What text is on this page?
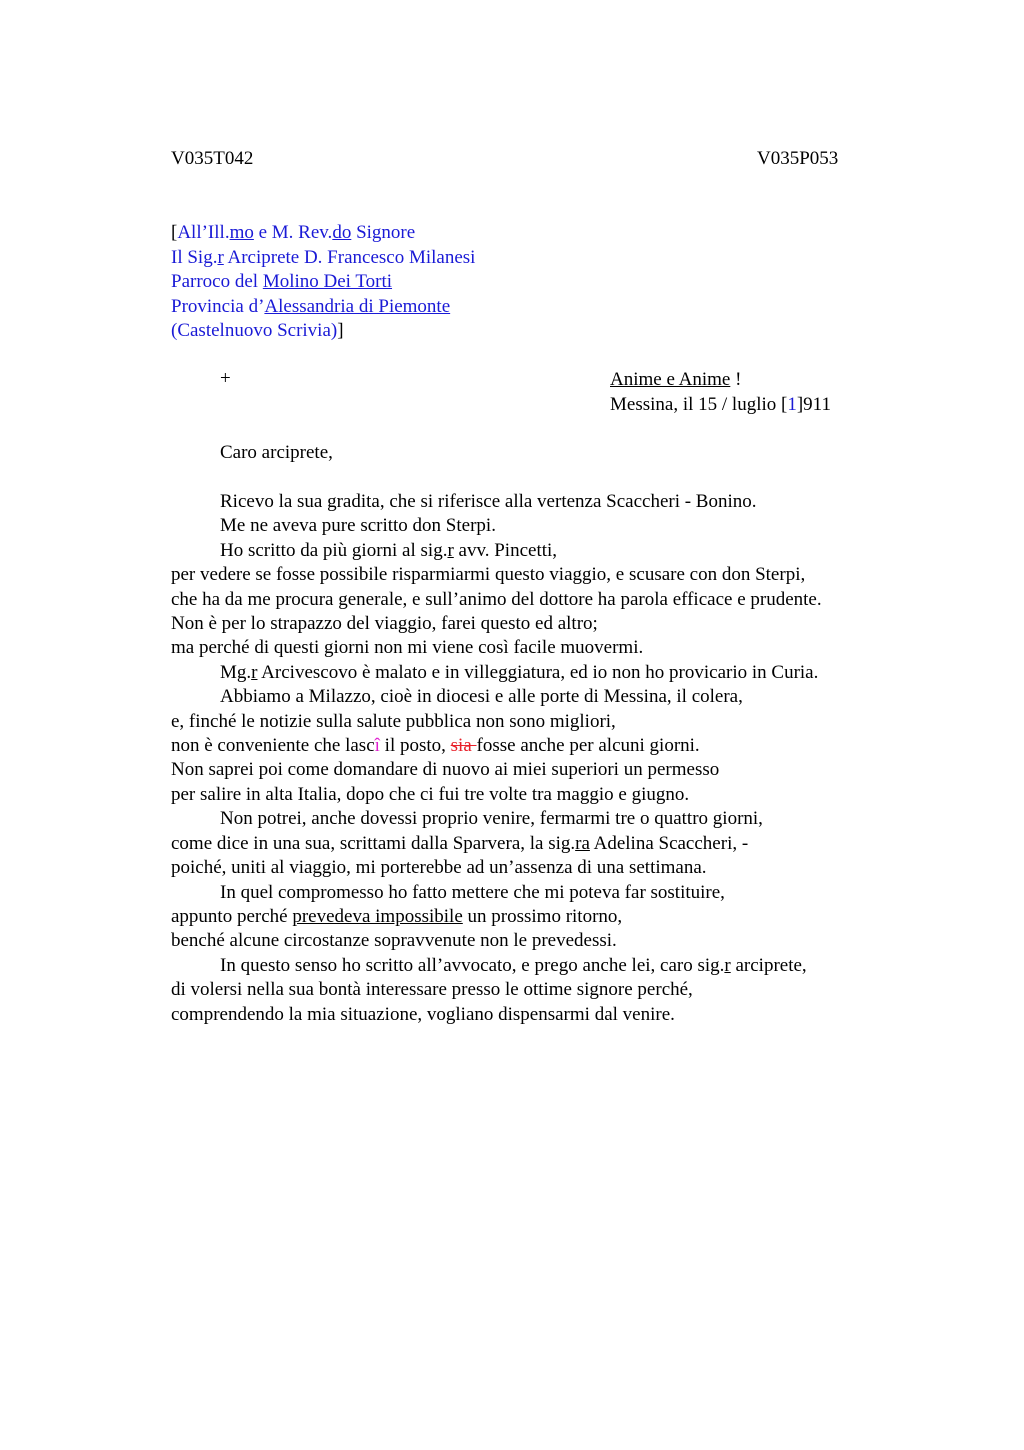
V035T042	V035P053
[All’Ill.mo e M. Rev.do Signore
Il Sig.r Arciprete D. Francesco Milanesi
Parroco del Molino Dei Torti
Provincia d’Alessandria di Piemonte
(Castelnuovo Scrivia)]
+	Anime e Anime !
Messina, il 15 / luglio [1]911
Caro arciprete,
Ricevo la sua gradita, che si riferisce alla vertenza Scaccheri - Bonino.
Me ne aveva pure scritto don Sterpi.
Ho scritto da più giorni al sig.r avv. Pincetti,
per vedere se fosse possibile risparmiarmi questo viaggio, e scusare con don Sterpi,
che ha da me procura generale, e sull’animo del dottore ha parola efficace e prudente.
Non è per lo strapazzo del viaggio, farei questo ed altro;
ma perché di questi giorni non mi viene così facile muovermi.
Mg.r Arcivescovo è malato e in villeggiatura, ed io non ho provicario in Curia.
Abbiamo a Milazzo, cioè in diocesi e alle porte di Messina, il colera,
e, finché le notizie sulla salute pubblica non sono migliori,
non è conveniente che lascî il posto, sia fosse anche per alcuni giorni.
Non saprei poi come domandare di nuovo ai miei superiori un permesso
per salire in alta Italia, dopo che ci fui tre volte tra maggio e giugno.
Non potrei, anche dovessi proprio venire, fermarmi tre o quattro giorni,
come dice in una sua, scrittami dalla Sparvera, la sig.ra Adelina Scaccheri, -
poiché, uniti al viaggio, mi porterebbe ad un’assenza di una settimana.
In quel compromesso ho fatto mettere che mi poteva far sostituire,
appunto perché prevedeva impossibile un prossimo ritorno,
benché alcune circostanze sopravvenute non le prevedessi.
In questo senso ho scritto all’avvocato, e prego anche lei, caro sig.r arciprete,
di volersi nella sua bontà interessare presso le ottime signore perché,
comprendendo la mia situazione, vogliano dispensarmi dal venire.
